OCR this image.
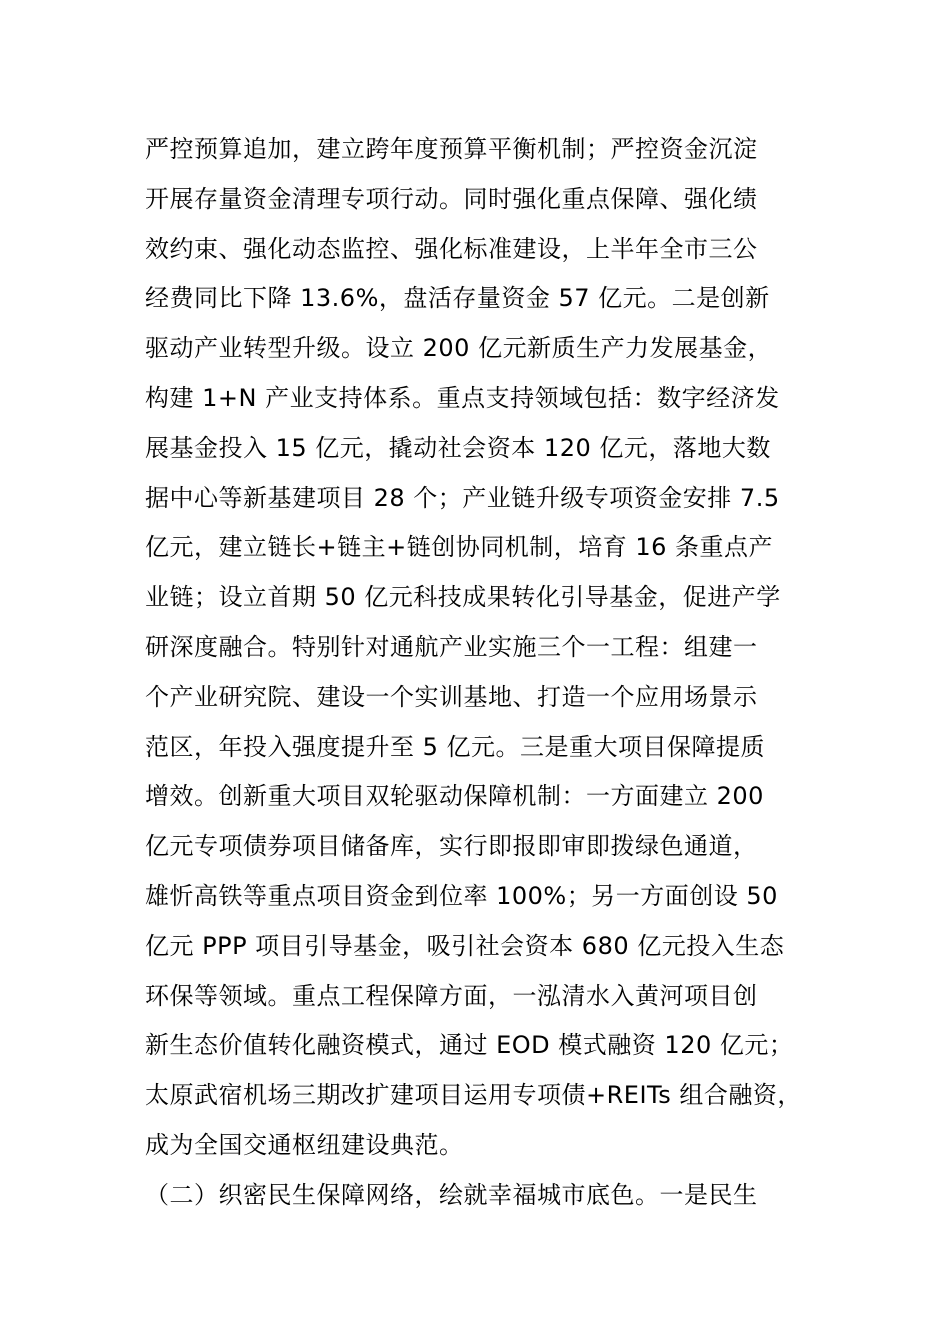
严控预算追加，建立跨年度预算平衡机制；严控资金沉淀
开展存量资金清理专项行动。同时强化重点保障、强化绩
效约束、强化动态监控、强化标准建设，上半年全市三公
经费同比下降 13.6%，盘活存量资金 57 亿元。二是创新
驱动产业转型升级。设立 200 亿元新质生产力发展基金，
构建 1+N 产业支持体系。重点支持领域包括：数字经济发
展基金投入 15 亿元，撬动社会资本 120 亿元，落地大数
据中心等新基建项目 28 个；产业链升级专项资金安排 7.5
亿元，建立链长+链主+链创协同机制，培育 16 条重点产
业链；设立首期 50 亿元科技成果转化引导基金，促进产学
研深度融合。特别针对通航产业实施三个一工程：组建一
个产业研究院、建设一个实训基地、打造一个应用场景示
范区，年投入强度提升至 5 亿元。三是重大项目保障提质
增效。创新重大项目双轮驱动保障机制：一方面建立 200
亿元专项债券项目储备库，实行即报即审即拨绿色通道，
雄忻高铁等重点项目资金到位率 100%；另一方面创设 50
亿元 PPP 项目引导基金，吸引社会资本 680 亿元投入生态
环保等领域。重点工程保障方面，一泓清水入黄河项目创
新生态价值转化融资模式，通过 EOD 模式融资 120 亿元；
太原武宿机场三期改扩建项目运用专项债+REITs 组合融资，
成为全国交通枢纽建设典范。
（二）织密民生保障网络，绘就幸福城市底色。一是民生
